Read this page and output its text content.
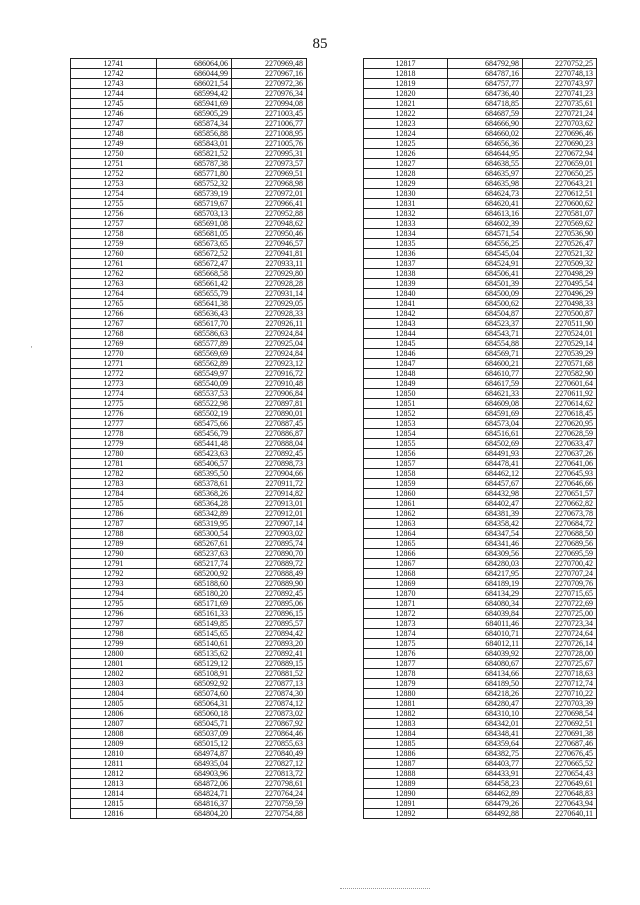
85
12741	686064,06	2270969,48
12742	686044,99	2270967,16
12743	686021,54	2270972,36
12744	685994,42	2270976,34
12745	685941,69	2270994,08
12746	685905,29	2271003,45
12747	685874,34	2271006,77
12748	685856,88	2271008,95
12749	685843,01	2271005,76
12750	685821,52	2270995,31
12751	685787,38	2270973,57
12752	685771,80	2270969,51
12753	685752,32	2270968,98
12754	685739,19	2270972,01
12755	685719,67	2270966,41
12756	685703,13	2270952,88
12757	685691,08	2270948,62
12758	685681,05	2270950,46
12759	685673,65	2270946,57
12760	685672,52	2270941,81
12761	685672,47	2270933,11
12762	685668,58	2270929,80
12763	685661,42	2270928,28
12764	685655,79	2270931,14
12765	685641,38	2270929,05
12766	685636,43	2270928,33
12767	685617,70	2270926,11
12768	685586,63	2270924,84
12769	685577,89	2270925,04
12770	685569,69	2270924,84
12771	685562,89	2270923,12
12772	685549,97	2270916,72
12773	685540,09	2270910,48
12774	685537,53	2270906,84
12775	685522,98	2270897,81
12776	685502,19	2270890,01
12777	685475,66	2270887,45
12778	685456,79	2270886,87
12779	685441,48	2270888,04
12780	685423,63	2270892,45
12781	685406,57	2270898,73
12782	685395,50	2270904,66
12783	685378,61	2270911,72
12784	685368,26	2270914,82
12785	685364,28	2270913,01
12786	685342,89	2270912,01
12787	685319,95	2270907,14
12788	685300,54	2270903,02
12789	685267,61	2270895,74
12790	685237,63	2270890,70
12791	685217,74	2270889,72
12792	685200,92	2270888,49
12793	685188,60	2270889,90
12794	685180,20	2270892,45
12795	685171,69	2270895,06
12796	685161,33	2270896,15
12797	685149,85	2270895,57
12798	685145,65	2270894,42
12799	685140,61	2270893,20
12800	685135,62	2270892,41
12801	685129,12	2270889,15
12802	685108,91	2270881,52
12803	685092,92	2270877,13
12804	685074,60	2270874,30
12805	685064,31	2270874,12
12806	685060,18	2270873,02
12807	685045,71	2270867,92
12808	685037,09	2270864,46
12809	685015,12	2270855,63
12810	684974,87	2270840,49
12811	684935,04	2270827,12
12812	684903,96	2270813,72
12813	684872,06	2270798,61
12814	684824,71	2270764,24
12815	684816,37	2270759,59
12816	684804,20	2270754,88
12817	684792,98	2270752,25
12818	684787,16	2270748,13
12819	684757,77	2270743,97
12820	684736,40	2270741,23
12821	684718,85	2270735,61
12822	684687,59	2270721,24
12823	684666,90	2270703,62
12824	684660,02	2270696,46
12825	684656,36	2270690,23
12826	684644,95	2270672,94
12827	684638,55	2270659,01
12828	684635,97	2270650,25
12829	684635,98	2270643,21
12830	684624,73	2270612,51
12831	684620,41	2270600,62
12832	684613,16	2270581,07
12833	684602,39	2270569,62
12834	684571,54	2270536,90
12835	684556,25	2270526,47
12836	684545,04	2270521,32
12837	684524,91	2270509,32
12838	684506,41	2270498,29
12839	684501,39	2270495,54
12840	684500,09	2270496,29
12841	684500,62	2270498,33
12842	684504,87	2270500,87
12843	684523,37	2270511,90
12844	684543,71	2270524,01
12845	684554,88	2270529,14
12846	684569,71	2270539,29
12847	684600,21	2270571,68
12848	684610,77	2270582,90
12849	684617,59	2270601,64
12850	684621,33	2270611,92
12851	684609,08	2270614,62
12852	684591,69	2270618,45
12853	684573,04	2270620,95
12854	684516,61	2270628,59
12855	684502,69	2270633,47
12856	684491,93	2270637,26
12857	684478,41	2270641,06
12858	684462,12	2270645,93
12859	684457,67	2270646,66
12860	684432,98	2270651,57
12861	684402,47	2270662,82
12862	684381,39	2270673,78
12863	684358,42	2270684,72
12864	684347,54	2270688,50
12865	684341,46	2270689,56
12866	684309,56	2270695,59
12867	684280,03	2270700,42
12868	684217,95	2270707,24
12869	684189,19	2270709,76
12870	684134,29	2270715,65
12871	684080,34	2270722,69
12872	684039,84	2270725,00
12873	684011,46	2270723,34
12874	684010,71	2270724,64
12875	684012,11	2270726,14
12876	684039,92	2270728,00
12877	684080,67	2270725,67
12878	684134,66	2270718,63
12879	684189,50	2270712,74
12880	684218,26	2270710,22
12881	684280,47	2270703,39
12882	684310,10	2270698,54
12883	684342,01	2270692,51
12884	684348,41	2270691,38
12885	684359,64	2270687,46
12886	684382,75	2270676,45
12887	684403,77	2270665,52
12888	684433,91	2270654,43
12889	684458,23	2270649,61
12890	684462,89	2270648,83
12891	684479,26	2270643,94
12892	684492,88	2270640,11
·
